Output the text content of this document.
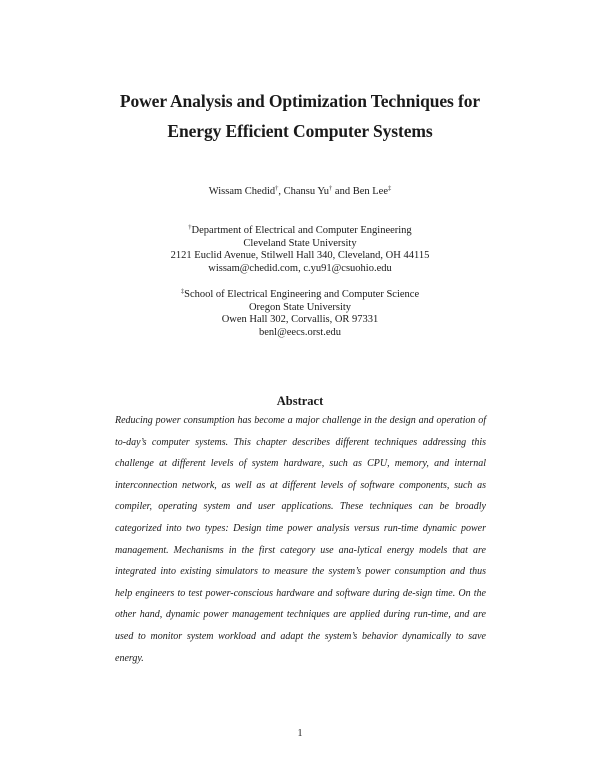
Power Analysis and Optimization Techniques for
Energy Efficient Computer Systems
Wissam Chedid†, Chansu Yu† and Ben Lee‡
†Department of Electrical and Computer Engineering
Cleveland State University
2121 Euclid Avenue, Stilwell Hall 340, Cleveland, OH 44115
wissam@chedid.com, c.yu91@csuohio.edu
‡School of Electrical Engineering and Computer Science
Oregon State University
Owen Hall 302, Corvallis, OR 97331
benl@eecs.orst.edu
Abstract
Reducing power consumption has become a major challenge in the design and operation of to-day’s computer systems. This chapter describes different techniques addressing this challenge at different levels of system hardware, such as CPU, memory, and internal interconnection network, as well as at different levels of software components, such as compiler, operating system and user applications. These techniques can be broadly categorized into two types: Design time power analysis versus run-time dynamic power management. Mechanisms in the first category use ana-lytical energy models that are integrated into existing simulators to measure the system’s power consumption and thus help engineers to test power-conscious hardware and software during de-sign time. On the other hand, dynamic power management techniques are applied during run-time, and are used to monitor system workload and adapt the system’s behavior dynamically to save energy.
1
